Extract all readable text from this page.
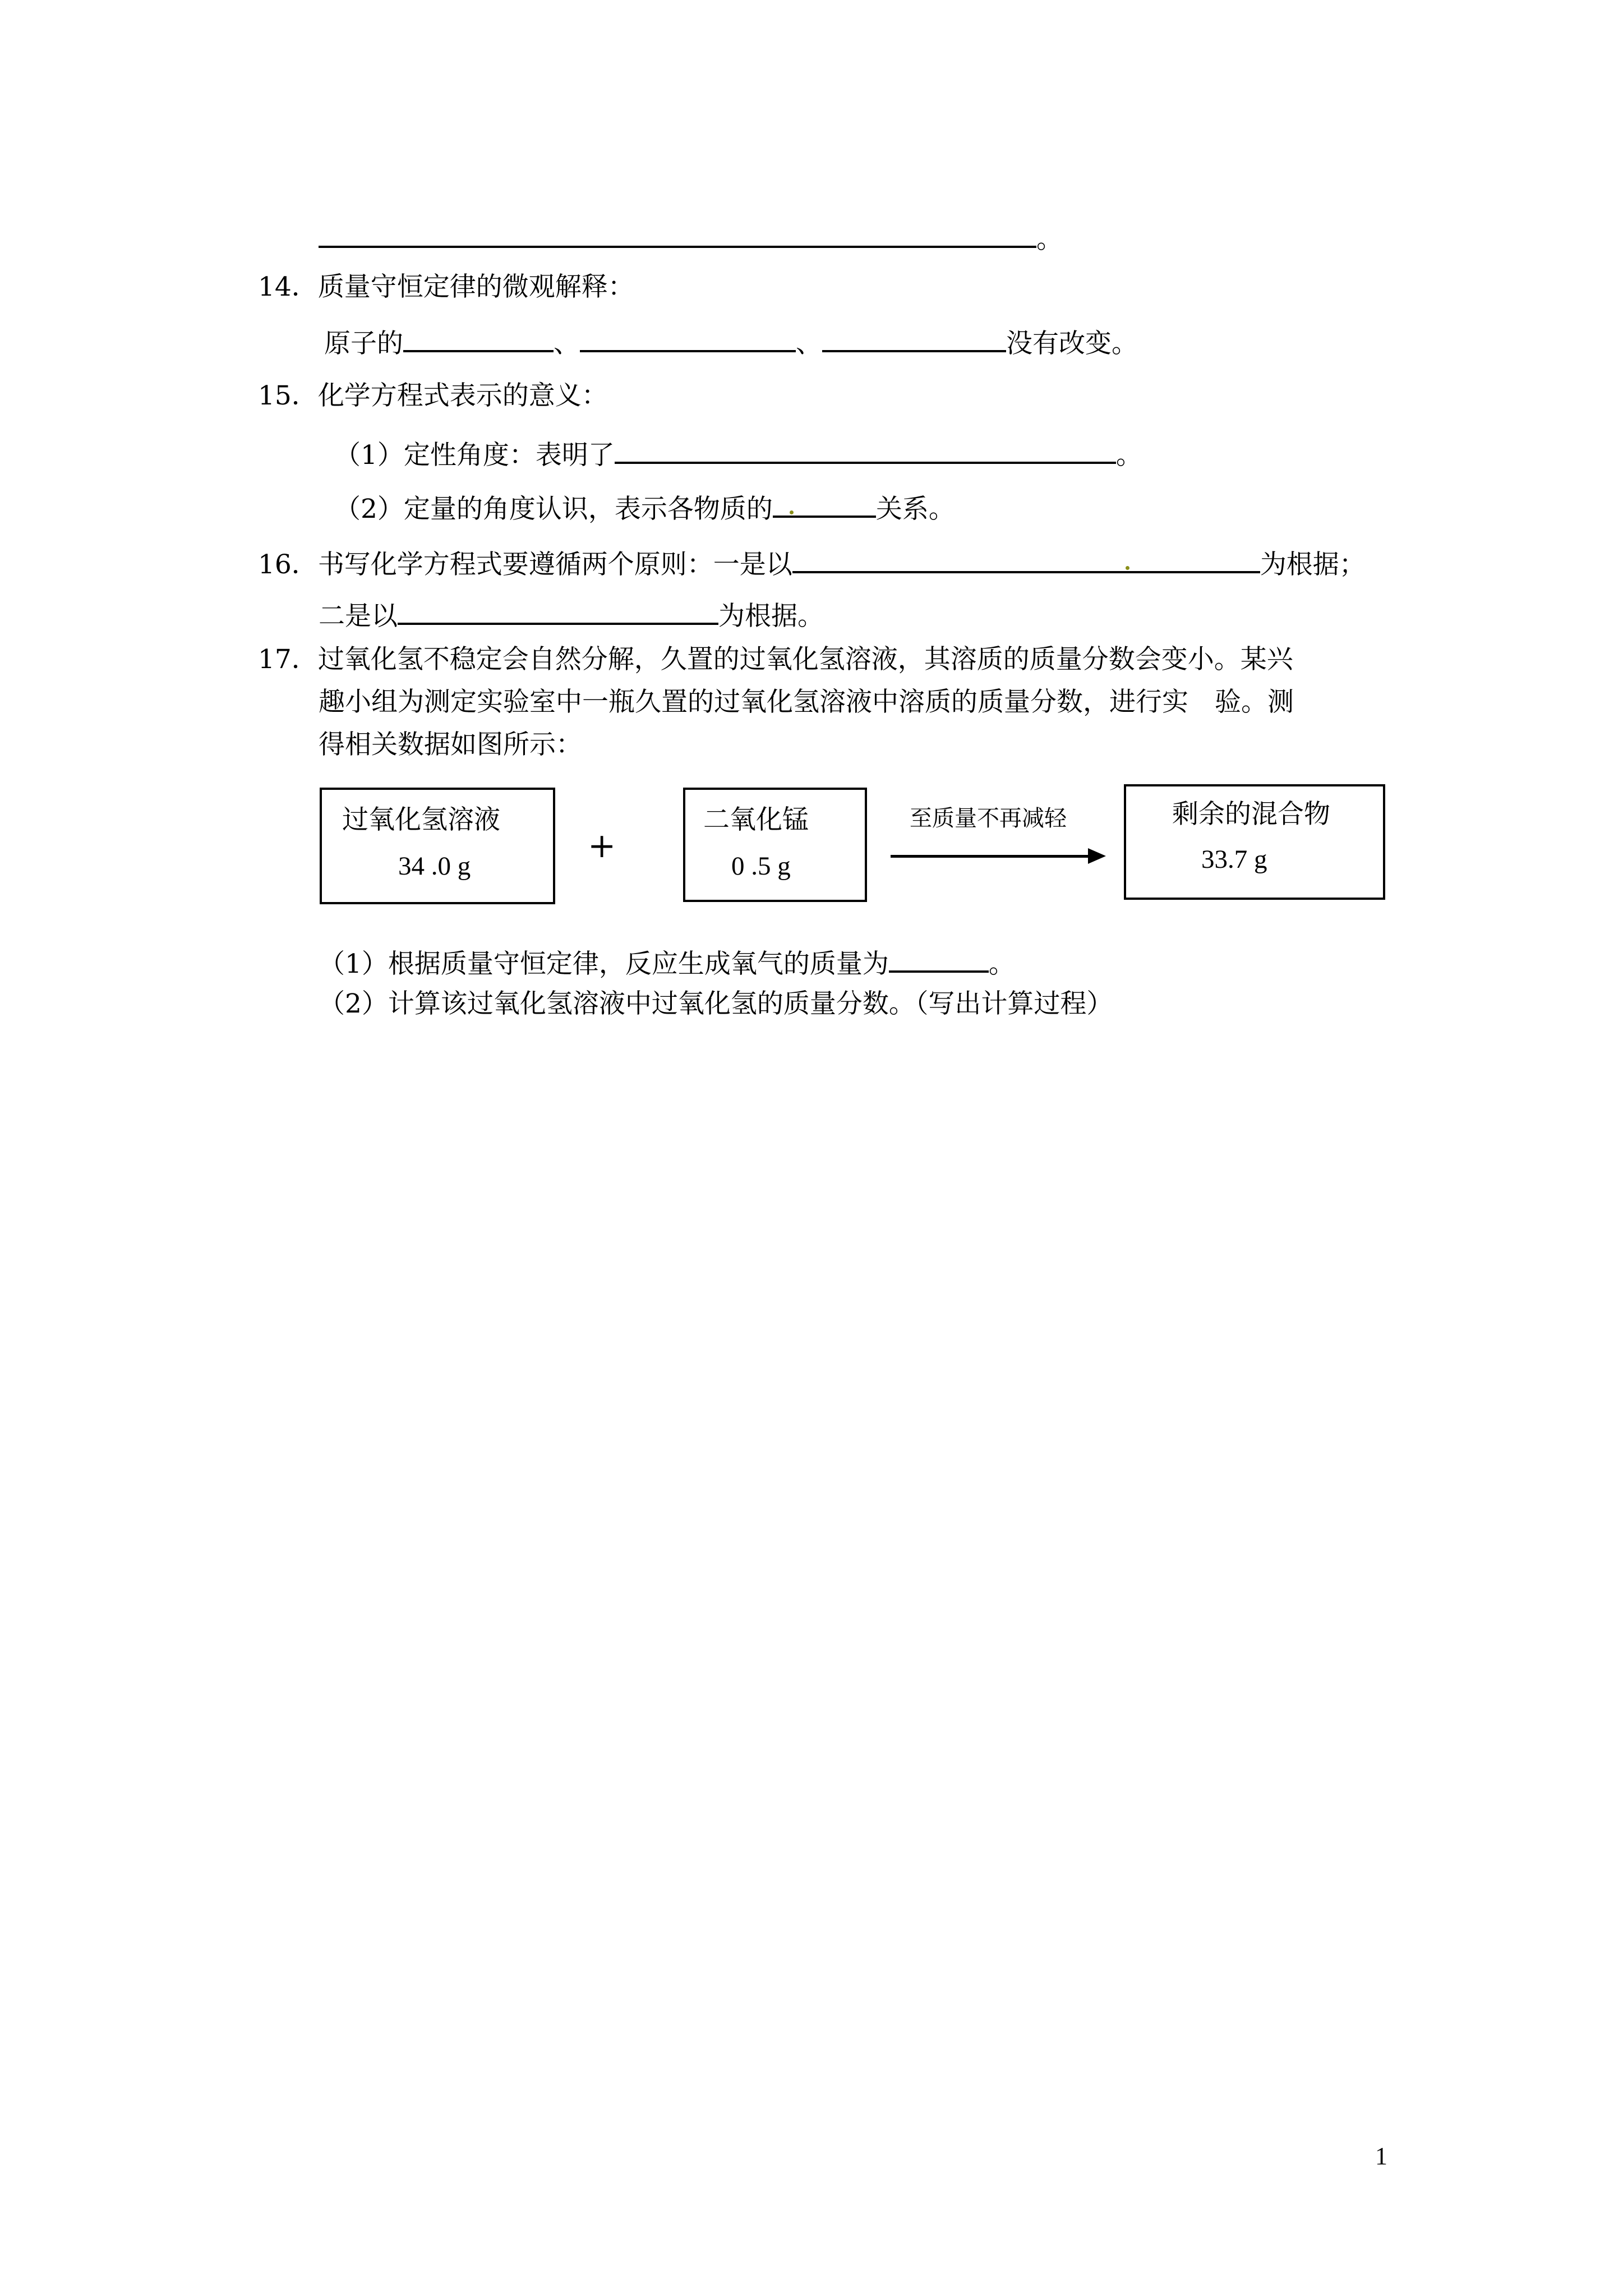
。
14．质量守恒定律的微观解释：
原子的	、	、	没有改变。
15．化学方程式表示的意义：
（1）定性角度：表明了	。
（2）定量的角度认识，表示各物质的	关系。
16．书写化学方程式要遵循两个原则：一是以	为根据；
二是以	为根据。
17．过氧化氢不稳定会自然分解，久置的过氧化氢溶液，其溶质的质量分数会变小。某兴
趣小组为测定实验室中一瓶久置的过氧化氢溶液中溶质的质量分数，进行实　验。测
得相关数据如图所示：
过氧化氢溶液
34 .0 g
+
二氧化锰
0 .5 g
至质量不再减轻	剩余的混合物
33.7 g
（1）根据质量守恒定律，反应生成氧气的质量为	。
（2）计算该过氧化氢溶液中过氧化氢的质量分数。（写出计算过程）
1
